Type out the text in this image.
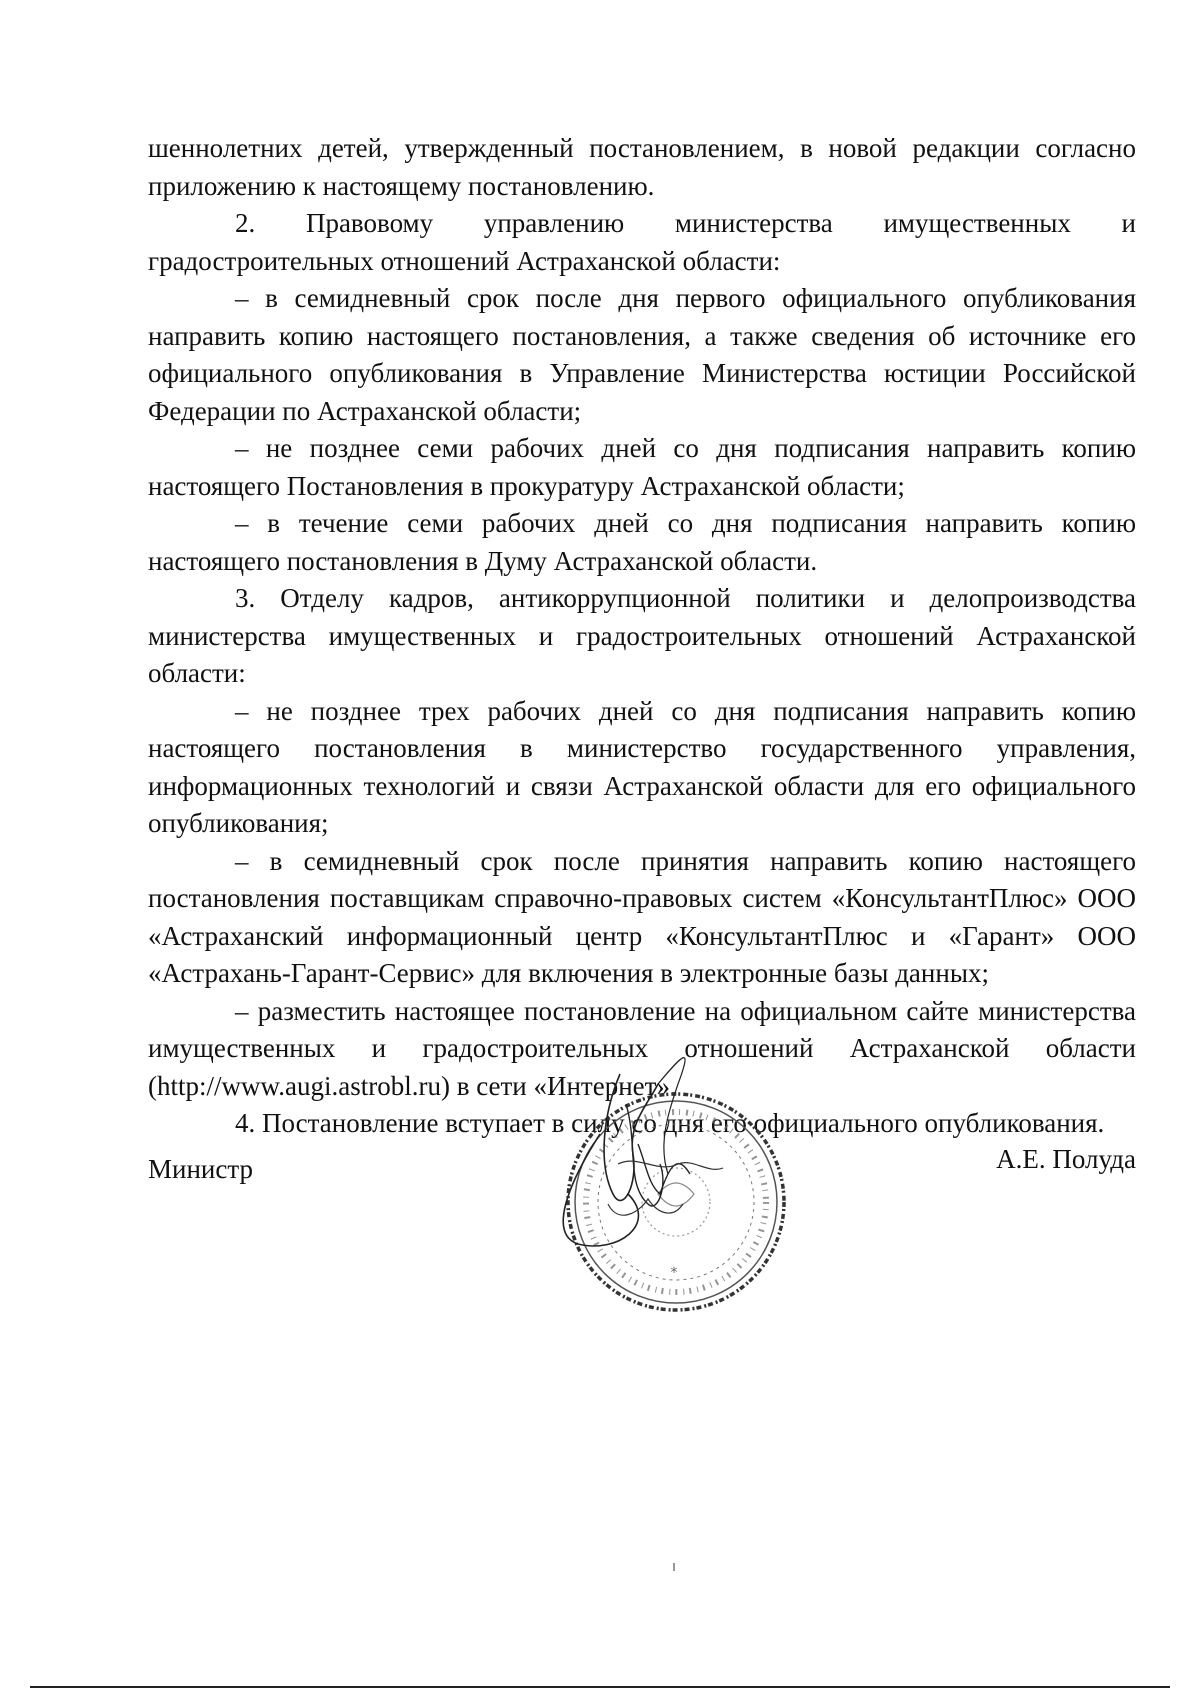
шеннолетних детей, утвержденный постановлением, в новой редакции согласно приложению к настоящему постановлению.

2. Правовому управлению министерства имущественных и градостроительных отношений Астраханской области:

– в семидневный срок после дня первого официального опубликования направить копию настоящего постановления, а также сведения об источнике его официального опубликования в Управление Министерства юстиции Российской Федерации по Астраханской области;

– не позднее семи рабочих дней со дня подписания направить копию настоящего Постановления в прокуратуру Астраханской области;

– в течение семи рабочих дней со дня подписания направить копию настоящего постановления в Думу Астраханской области.

3. Отделу кадров, антикоррупционной политики и делопроизводства министерства имущественных и градостроительных отношений Астраханской области:

– не позднее трех рабочих дней со дня подписания направить копию настоящего постановления в министерство государственного управления, информационных технологий и связи Астраханской области для его официального опубликования;

– в семидневный срок после принятия направить копию настоящего постановления поставщикам справочно-правовых систем «КонсультантПлюс» ООО «Астраханский информационный центр «КонсультантПлюс и «Гарант» ООО «Астрахань-Гарант-Сервис» для включения в электронные базы данных;

– разместить настоящее постановление на официальном сайте министерства имущественных и градостроительных отношений Астраханской области (http://www.augi.astrobl.ru) в сети «Интернет».

4. Постановление вступает в силу со дня его официального опубликования.

Министр
*
А.Е. Полуда
